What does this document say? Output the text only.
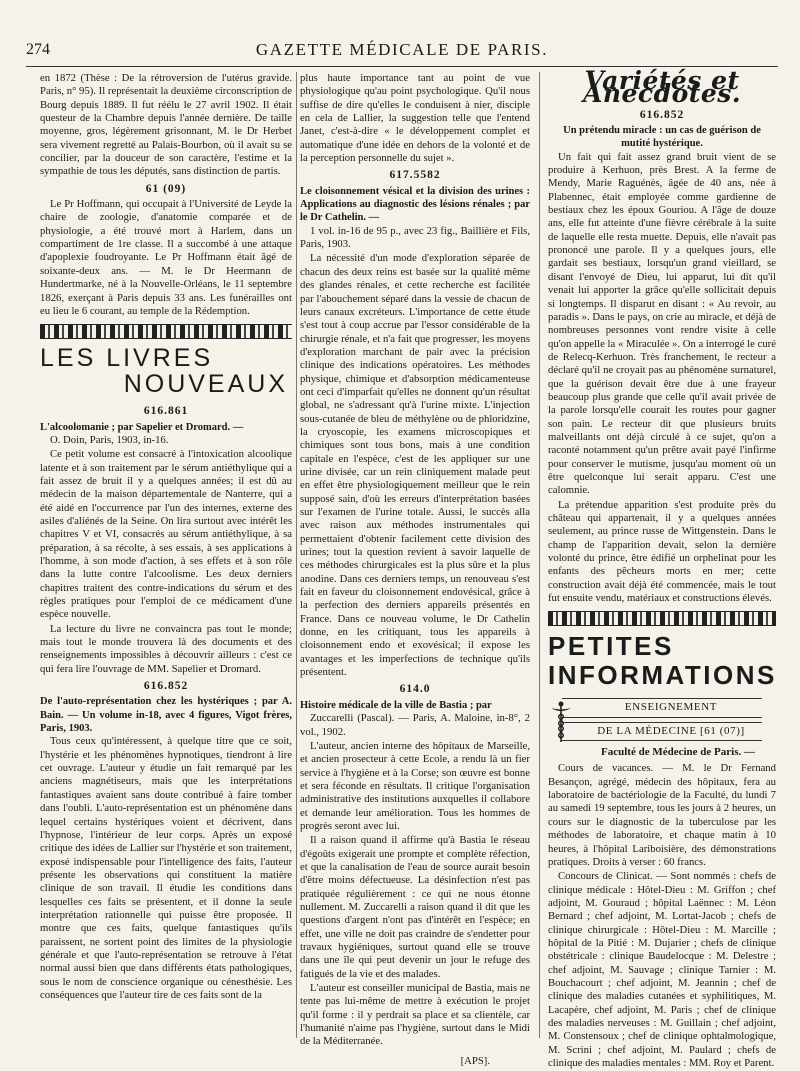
274	GAZETTE MÉDICALE DE PARIS.

en 1872 (Thèse : De la rétroversion de l'utérus gravide. Paris, n° 95). Il représentait la deuxième circonscription de Bourg depuis 1889. Il fut réélu le 27 avril 1902. Il était questeur de la Chambre depuis l'année dernière. De taille moyenne, gros, légèrement grisonnant, M. le Dr Herbet sera vivement regretté au Palais-Bourbon, où il avait su se concilier, par la douceur de son caractère, l'estime et la sympathie de tous les députés, sans distinction de partis.

61 (09)

Le Pr Hoffmann, qui occupait à l'Université de Leyde la chaire de zoologie, d'anatomie comparée et de physiologie, a été trouvé mort à Harlem, dans un compartiment de 1re classe. Il a succombé à une attaque d'apoplexie foudroyante. Le Pr Hoffmann était âgé de soixante-deux ans. — M. le Dr Heermann de Hundertmarke, né à la Nouvelle-Orléans, le 11 septembre 1826, exerçant à Paris depuis 33 ans. Les funérailles ont eu lieu le 6 courant, au temple de la Rédemption.

LES LIVRES
NOUVEAUX
616.861
L'alcoolomanie ; par Sapelier et Dromard. —

O. Doin, Paris, 1903, in-16.

Ce petit volume est consacré à l'intoxication alcoolique latente et à son traitement par le sérum antiéthylique qui a fait assez de bruit il y a quelques années; il est dû au médecin de la maison départementale de Nanterre, qui a été aidé en l'occurrence par l'un des internes, externe des asiles d'aliénés de la Seine. On lira surtout avec intérêt les chapitres V et VI, consacrés au sérum antiéthylique, à sa préparation, à sa récolte, à ses essais, à ses applications à l'homme, à son mode d'action, à ses effets et à son rôle dans la lutte contre l'alcoolisme. Les deux derniers chapitres traitent des contre-indications du sérum et des règles pratiques pour l'emploi de ce médicament d'une espèce nouvelle.

La lecture du livre ne convaincra pas tout le monde; mais tout le monde trouvera là des documents et des renseignements impossibles à découvrir ailleurs : c'est ce qui fera lire l'ouvrage de MM. Sapelier et Dromard.

616.852
De l'auto-représentation chez les hystériques ; par A. Bain. — Un volume in-18, avec 4 figures, Vigot frères, Paris, 1903.

Tous ceux qu'intéressent, à quelque titre que ce soit, l'hystérie et les phénomènes hypnotiques, tiendront à lire cet ouvrage. L'auteur y étudie un fait remarqué par les anciens magnétiseurs, mais que les interprétations fantastiques avaient sans doute contribué à faire tomber dans l'oubli. L'auto-représentation est un phénomène dans lequel certains hystériques voient et décrivent, dans l'hypnose, l'intérieur de leur corps. Après un exposé critique des idées de Lallier sur l'hystérie et son traitement, exposé indispensable pour l'intelligence des faits, l'auteur présente les observations qui constituent la matière clinique de son travail. Il étudie les conditions dans lesquelles ces faits se présentent, et il donne la seule interprétation rationnelle qui puisse être proposée. Il montre que ces faits, quelque fantastiques qu'ils paraissent, ne sortent point des limites de la physiologie générale et que l'auto-représentation se retrouve à l'état normal aussi bien que dans différents états pathologiques, sous le nom de conscience organique ou cénesthésie. Les conséquences que l'auteur tire de ces faits sont de la

plus haute importance tant au point de vue physiologique qu'au point psychologique. Qu'il nous suffise de dire qu'elles le conduisent à nier, disciple en cela de Lallier, la suggestion telle que l'entend Janet, c'est-à-dire « le développement complet et automatique d'une idée en dehors de la volonté et de la perception personnelle du sujet ».

617.5582
Le cloisonnement vésical et la division des urines : Applications au diagnostic des lésions rénales ; par le Dr Cathelin. —

1 vol. in-16 de 95 p., avec 23 fig., Baillière et Fils, Paris, 1903.

La nécessité d'un mode d'exploration séparée de chacun des deux reins est basée sur la qualité même des glandes rénales, et cette recherche est facilitée par l'abouchement séparé dans la vessie de chacun de leurs canaux excréteurs. L'importance de cette étude s'est tout à coup accrue par l'essor considérable de la chirurgie rénale, et n'a fait que progresser, les moyens d'exploration marchant de pair avec la précision clinique des indications opératoires. Les méthodes physique, chimique et d'absorption médicamenteuse ont ceci d'imparfait qu'elles ne donnent qu'un résultat global, ne s'adressant qu'à l'urine mixte. L'injection sous-cutanée de bleu de méthylène ou de phloridzine, la cryoscopie, les examens microscopiques et chimiques sont tous bons, mais à une condition capitale en l'espèce, c'est de les appliquer sur une urine divisée, car un rein cliniquement malade peut en effet être physiologiquement meilleur que le rein supposé sain, d'où les erreurs d'interprétation basées sur l'examen de l'urine totale. Aussi, le succès alla avec raison aux méthodes instrumentales qui permettaient d'obtenir facilement cette division des urines; tout la question revient à savoir laquelle de ces méthodes chirurgicales est la plus sûre et la plus anodine. Dans ces derniers temps, un renouveau s'est fait en faveur du cloisonnement endovésical, grâce à la perfection des derniers appareils présentés en France. Dans ce nouveau volume, le Dr Cathelin donne, en les critiquant, tous les appareils à cloisonnement endo et exovésical; il expose les avantages et les imperfections de technique qu'ils présentent.

614.0
Histoire médicale de la ville de Bastia ; par

Zuccarelli (Pascal). — Paris, A. Maloine, in-8°, 2 vol., 1902.

L'auteur, ancien interne des hôpitaux de Marseille, et ancien prosecteur à cette Ecole, a rendu là un fier service à l'hygiène et à la Corse; son œuvre est bonne et sera féconde en résultats. Il critique l'organisation administrative des institutions auxquelles il collabore et demande leur amélioration. Tous les hommes de progrès seront avec lui.

Il a raison quand il affirme qu'à Bastia le réseau d'égoûts exigerait une prompte et complète réfection, et que la canalisation de l'eau de source aurait besoin d'être moins défectueuse. La désinfection n'est pas pratiquée régulièrement : ce qui ne nous étonne nullement. M. Zuccarelli a raison quand il dit que les questions d'argent n'ont pas d'intérêt en l'espèce; en effet, une ville ne doit pas craindre de s'endetter pour travaux hygiéniques, surtout quand elle se trouve dans une île qui peut devenir un jour le refuge des fatigués de la vie et des malades.

L'auteur est conseiller municipal de Bastia, mais ne tente pas lui-même de mettre à exécution le projet qu'il forme : il y perdrait sa place et sa clientèle, car l'humanité n'aime pas l'hygiène, surtout dans le Midi de la Méditerranée.

[APS].
Variétés et Anecdotes.
616.852
Un prétendu miracle : un cas de guérison de mutité hystérique.

Un fait qui fait assez grand bruit vient de se produire à Kerhuon, près Brest. A la ferme de Mendy, Marie Raguénès, âgée de 40 ans, née à Plabennec, était employée comme gardienne de bestiaux chez les époux Gouriou. A l'âge de douze ans, elle fut atteinte d'une fièvre cérébrale à la suite de laquelle elle resta muette. Depuis, elle n'avait pas prononcé une parole. Il y a quelques jours, elle gardait ses bestiaux, lorsqu'un grand vieillard, se disant l'envoyé de Dieu, lui apparut, lui dit qu'il venait lui apporter la grâce qu'elle sollicitait depuis si longtemps. Il disparut en disant : « Au revoir, au paradis ». Dans le pays, on crie au miracle, et déjà de nombreuses personnes vont rendre visite à celle qu'on appelle la « Miraculée ». On a interrogé le curé de Relecq-Kerhuon. Très franchement, le recteur a déclaré qu'il ne croyait pas au phénomène surnaturel, que la guérison devait être due à une frayeur beaucoup plus grande que celle qu'il avait privée de la parole lorsqu'elle courait les routes pour gagner son pain. Le recteur dit que plusieurs bruits malveillants ont déjà circulé à ce sujet, qu'on a raconté notamment qu'un prêtre avait payé l'infirme pour conserver le mutisme, jusqu'au moment où un être quelconque lui serait apparu. C'est une calomnie.

La prétendue apparition s'est produite près du château qui appartenait, il y a quelques années seulement, au prince russe de Wittgenstein. Dans le champ de l'apparition devait, selon la dernière volonté du prince, être édifié un orphelinat pour les enfants des pêcheurs morts en mer; cette construction avait déjà été commencée, mais le tout fut ensuite vendu, matériaux et constructions élevés.

PETITES
INFORMATIONS
ENSEIGNEMENT
DE LA MÉDECINE [61 (07)]
Faculté de Médecine de Paris. —

Cours de vacances. — M. le Dr Fernand Besançon, agrégé, médecin des hôpitaux, fera au laboratoire de bactériologie de la Faculté, du lundi 7 au samedi 19 septembre, tous les jours à 2 heures, un cours sur le diagnostic de la tuberculose par les méthodes de laboratoire, et chaque matin à 10 heures, à l'hôpital Lariboisière, des démonstrations pratiques. Droits à verser : 60 francs.

Concours de Clinicat. — Sont nommés : chefs de clinique médicale : Hôtel-Dieu : M. Griffon ; chef adjoint, M. Gouraud ; hôpital Laënnec : M. Léon Bernard ; chef adjoint, M. Lortat-Jacob ; chefs de clinique chirurgicale : Hôtel-Dieu : M. Marcille ; hôpital de la Pitié : M. Dujarier ; chefs de clinique obstétricale : clinique Baudelocque : M. Delestre ; chef adjoint, M. Sauvage ; clinique Tarnier : M. Bouchacourt ; chef adjoint, M. Jeannin ; chef de clinique des maladies cutanées et syphilitiques, M. Lacapère, chef adjoint, M. Paris ; chef de clinique des maladies nerveuses : M. Guillain ; chef adjoint, M. Constensoux ; chef de clinique ophtalmologique, M. Scrini ; chef adjoint, M. Paulard ; chefs de clinique des maladies mentales : MM. Roy et Parent.
